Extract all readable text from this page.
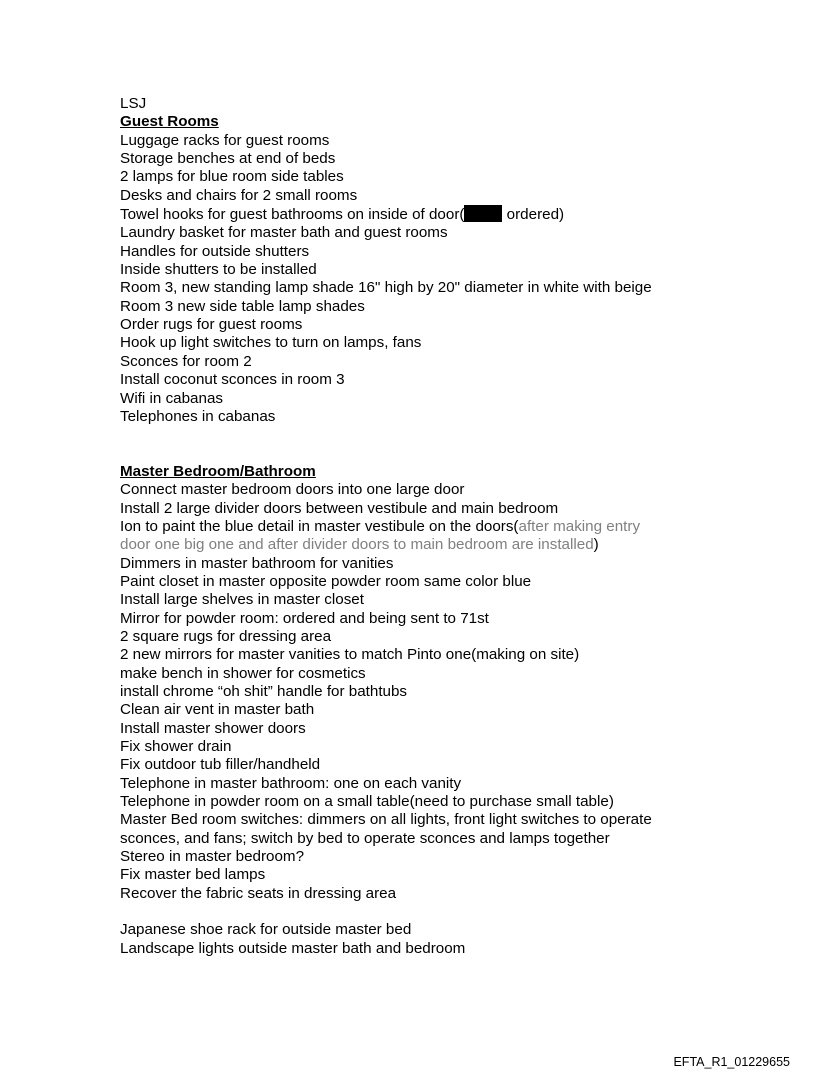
LSJ
Guest Rooms
Luggage racks for guest rooms
Storage benches at end of beds
2 lamps for blue room side tables
Desks and chairs for 2 small rooms
Towel hooks for guest bathrooms on inside of door(	ordered)
Laundry basket for master bath and guest rooms
Handles for outside shutters
Inside shutters to be installed
Room 3, new standing lamp shade 16" high by 20" diameter in white with beige
Room 3 new side table lamp shades
Order rugs for guest rooms
Hook up light switches to turn on lamps, fans
Sconces for room 2
Install coconut sconces in room 3
Wifi in cabanas
Telephones in cabanas
Master Bedroom/Bathroom
Connect master bedroom doors into one large door
Install 2 large divider doors between vestibule and main bedroom
Ion to paint the blue detail in master vestibule on the doors(after making entry
door one big one and after divider doors to main bedroom are installed)
Dimmers in master bathroom for vanities
Paint closet in master opposite powder room same color blue
Install large shelves in master closet
Mirror for powder room: ordered and being sent to 71st
2 square rugs for dressing area
2 new mirrors for master vanities to match Pinto one(making on site)
make bench in shower for cosmetics
install chrome “oh shit” handle for bathtubs
Clean air vent in master bath
Install master shower doors
Fix shower drain
Fix outdoor tub filler/handheld
Telephone in master bathroom: one on each vanity
Telephone in powder room on a small table(need to purchase small table)
Master Bed room switches: dimmers on all lights, front light switches to operate
sconces, and fans; switch by bed to operate sconces and lamps together
Stereo in master bedroom?
Fix master bed lamps
Recover the fabric seats in dressing area
Japanese shoe rack for outside master bed
Landscape lights outside master bath and bedroom
EFTA_R1_01229655
